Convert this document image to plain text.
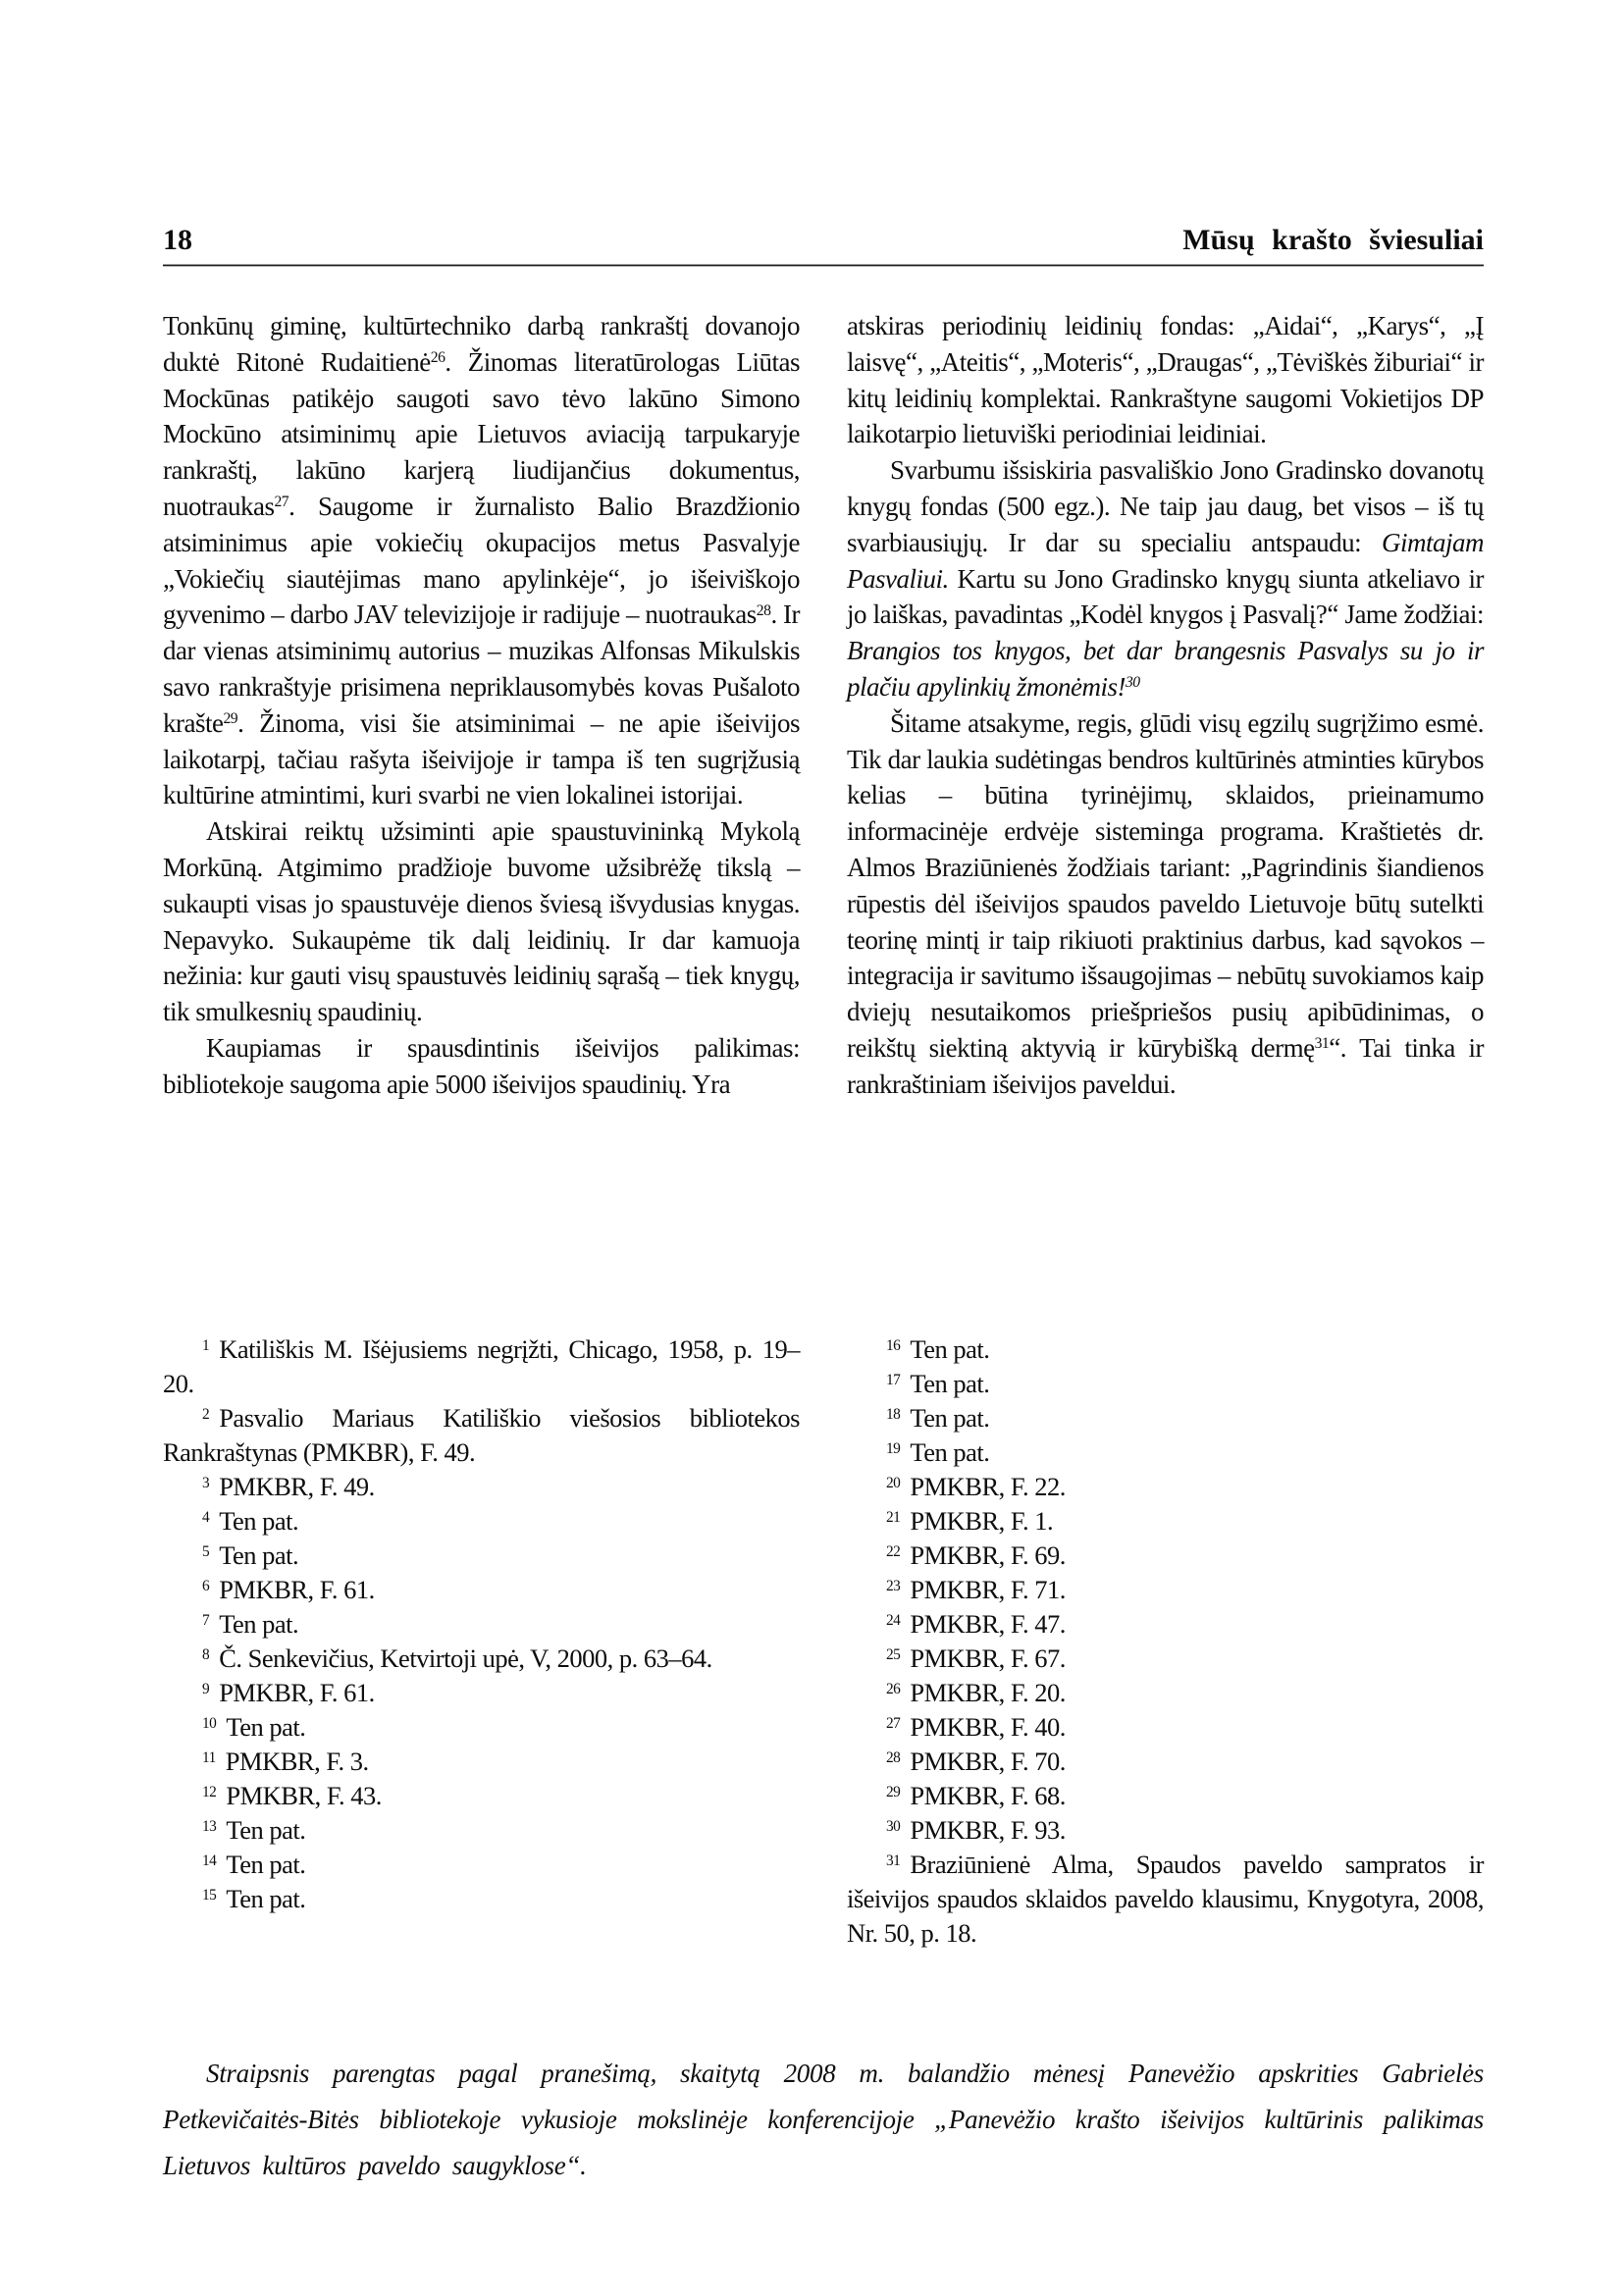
18	Mūsų krašto šviesuliai

Tonkūnų giminę, kultūrtechniko darbą rankraštį dovanojo duktė Ritonė Rudaitienė$^{26}$. Žinomas literatūrologas Liūtas Mockūnas patikėjo saugoti savo tėvo lakūno Simono Mockūno atsiminimų apie Lietuvos aviaciją tarpukaryje rankraštį, lakūno karjerą liudijančius dokumentus, nuotraukas$^{27}$. Saugome ir žurnalisto Balio Brazdžionio atsiminimus apie vokiečių okupacijos metus Pasvalyje „Vokiečių siautėjimas mano apylinkėje“, jo išeiviškojo gyvenimo – darbo JAV televizijoje ir radijuje – nuotraukas$^{28}$. Ir dar vienas atsiminimų autorius – muzikas Alfonsas Mikulskis savo rankraštyje prisimena nepriklausomybės kovas Pušaloto krašte$^{29}$. Žinoma, visi šie atsiminimai – ne apie išeivijos laikotarpį, tačiau rašyta išeivijoje ir tampa iš ten sugrįžusią kultūrine atmintimi, kuri svarbi ne vien lokalinei istorijai.

Atskirai reiktų užsiminti apie spaustuvininką Mykolą Morkūną. Atgimimo pradžioje buvome užsibrėžę tikslą – sukaupti visas jo spaustuvėje dienos šviesą išvydusias knygas. Nepavyko. Sukaupėme tik dalį leidinių. Ir dar kamuoja nežinia: kur gauti visų spaustuvės leidinių sąrašą – tiek knygų, tik smulkesnių spaudinių.

Kaupiamas ir spausdintinis išeivijos palikimas: bibliotekoje saugoma apie 5000 išeivijos spaudinių. Yra

atskiras periodinių leidinių fondas: „Aidai“, „Karys“, „Į laisvę“, „Ateitis“, „Moteris“, „Draugas“, „Tėviškės žiburiai“ ir kitų leidinių komplektai. Rankraštyne saugomi Vokietijos DP laikotarpio lietuviški periodiniai leidiniai.

Svarbumu išsiskiria pasvališkio Jono Gradinsko dovanotų knygų fondas (500 egz.). Ne taip jau daug, bet visos – iš tų svarbiausiųjų. Ir dar su specialiu antspaudu: Gimtajam Pasvaliui. Kartu su Jono Gradinsko knygų siunta atkeliavo ir jo laiškas, pavadintas „Kodėl knygos į Pasvalį?“ Jame žodžiai: Brangios tos knygos, bet dar brangesnis Pasvalys su jo ir plačiu apylinkių žmonėmis!$^{30}$

Šitame atsakyme, regis, glūdi visų egzilų sugrįžimo esmė. Tik dar laukia sudėtingas bendros kultūrinės atminties kūrybos kelias – būtina tyrinėjimų, sklaidos, prieinamumo informacinėje erdvėje sisteminga programa. Kraštietės dr. Almos Braziūnienės žodžiais tariant: „Pagrindinis šiandienos rūpestis dėl išeivijos spaudos paveldo Lietuvoje būtų sutelkti teorinę mintį ir taip rikiuoti praktinius darbus, kad sąvokos – integracija ir savitumo išsaugojimas – nebūtų suvokiamos kaip dviejų nesutaikomos priešpriešos pusių apibūdinimas, o reikštų siektiną aktyvią ir kūrybišką dermę$^{31}$“. Tai tinka ir rankraštiniam išeivijos paveldui.

$^1$ Katiliškis M. Išėjusiems negrįžti, Chicago, 1958, p. 19–20.

$^2$ Pasvalio Mariaus Katiliškio viešosios bibliotekos Rankraštynas (PMKBR), F. 49.

$^3$ PMKBR, F. 49.

$^4$ Ten pat.

$^5$ Ten pat.

$^6$ PMKBR, F. 61.

$^7$ Ten pat.

$^8$ Č. Senkevičius, Ketvirtoji upė, V, 2000, p. 63–64.

$^9$ PMKBR, F. 61.

$^{10}$ Ten pat.

$^{11}$ PMKBR, F. 3.

$^{12}$ PMKBR, F. 43.

$^{13}$ Ten pat.

$^{14}$ Ten pat.

$^{15}$ Ten pat.

$^{16}$ Ten pat.

$^{17}$ Ten pat.

$^{18}$ Ten pat.

$^{19}$ Ten pat.

$^{20}$ PMKBR, F. 22.

$^{21}$ PMKBR, F. 1.

$^{22}$ PMKBR, F. 69.

$^{23}$ PMKBR, F. 71.

$^{24}$ PMKBR, F. 47.

$^{25}$ PMKBR, F. 67.

$^{26}$ PMKBR, F. 20.

$^{27}$ PMKBR, F. 40.

$^{28}$ PMKBR, F. 70.

$^{29}$ PMKBR, F. 68.

$^{30}$ PMKBR, F. 93.

$^{31}$ Braziūnienė Alma, Spaudos paveldo sampratos ir išeivijos spaudos sklaidos paveldo klausimu, Knygotyra, 2008, Nr. 50, p. 18.

Straipsnis parengtas pagal pranešimą, skaitytą 2008 m. balandžio mėnesį Panevėžio apskrities Gabrielės Petkevičaitės-Bitės bibliotekoje vykusioje mokslinėje konferencijoje „Panevėžio krašto išeivijos kultūrinis palikimas Lietuvos kultūros paveldo saugyklose“.
